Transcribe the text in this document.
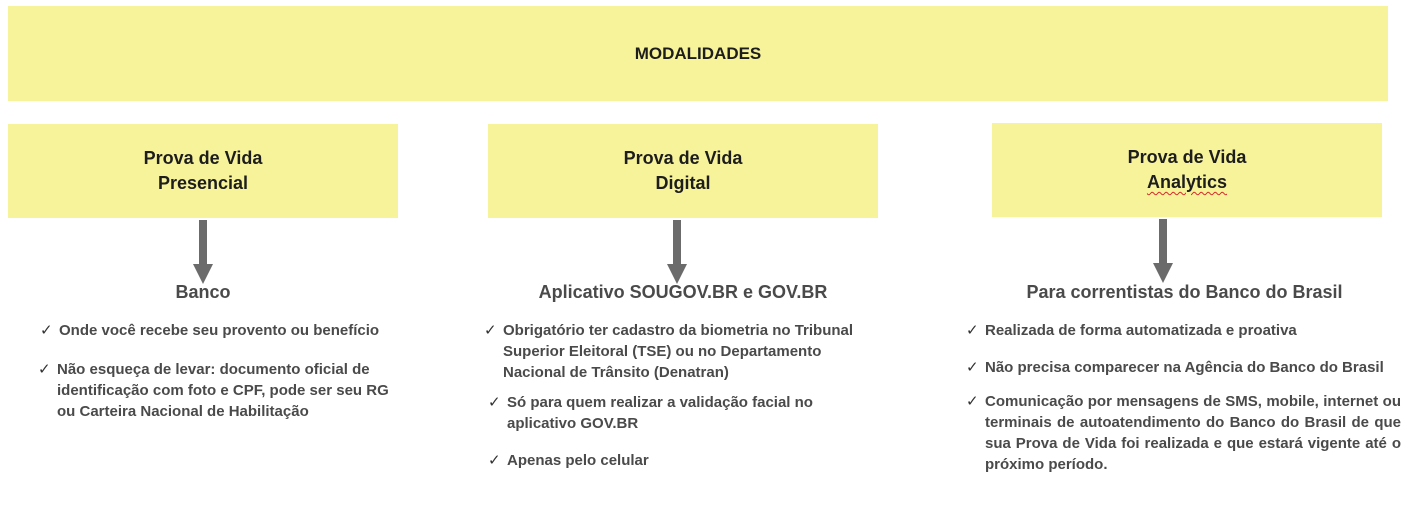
MODALIDADES
Prova de Vida
Presencial
Banco
✓ Onde você recebe seu provento ou benefício
✓ Não esqueça de levar: documento oficial de identificação com foto e CPF, pode ser seu RG ou Carteira Nacional de Habilitação
Prova de Vida
Digital
Aplicativo SOUGOV.BR e GOV.BR
✓ Obrigatório ter cadastro da biometria no Tribunal Superior Eleitoral (TSE) ou no Departamento Nacional de Trânsito (Denatran)
✓ Só para quem realizar a validação facial no aplicativo GOV.BR
✓ Apenas pelo celular
Prova de Vida
Analytics
Para correntistas do Banco do Brasil
✓ Realizada de forma automatizada e proativa
✓ Não precisa comparecer na Agência do Banco do Brasil
✓ Comunicação por mensagens de SMS, mobile, internet ou terminais de autoatendimento do Banco do Brasil de que sua Prova de Vida foi realizada e que estará vigente até o próximo período.
